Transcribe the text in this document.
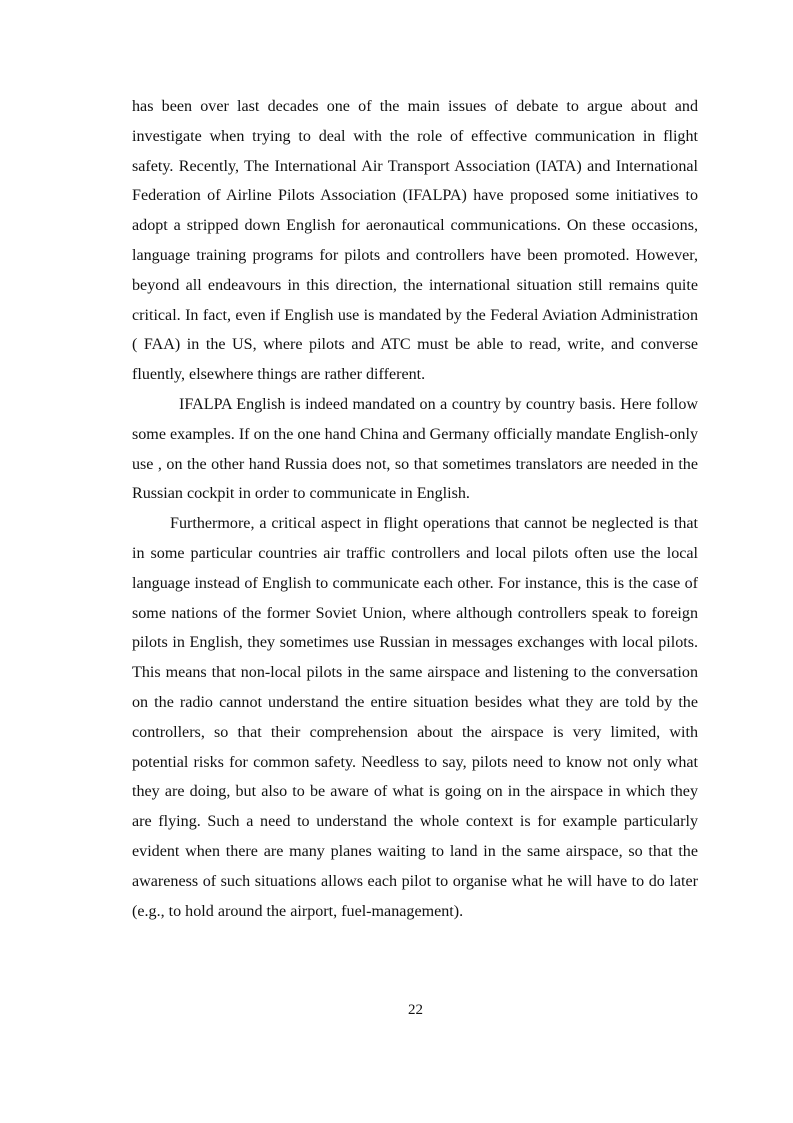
has been over last decades one of the main issues of debate to argue about and investigate when trying to deal with the role of effective communication in flight safety. Recently, The International Air Transport Association (IATA) and International Federation of Airline Pilots Association (IFALPA) have proposed some initiatives to adopt a stripped down English for aeronautical communications. On these occasions, language training programs for pilots and controllers have been promoted. However, beyond all endeavours in this direction, the international situation still remains quite critical. In fact, even if English use is mandated by the Federal Aviation Administration ( FAA) in the US, where pilots and ATC must be able to read, write, and converse fluently, elsewhere things are rather different.

IFALPA English is indeed mandated on a country by country basis. Here follow some examples. If on the one hand China and Germany officially mandate English-only use , on the other hand Russia does not, so that sometimes translators are needed in the Russian cockpit in order to communicate in English.

Furthermore, a critical aspect in flight operations that cannot be neglected is that in some particular countries air traffic controllers and local pilots often use the local language instead of English to communicate each other. For instance, this is the case of some nations of the former Soviet Union, where although controllers speak to foreign pilots in English, they sometimes use Russian in messages exchanges with local pilots. This means that non-local pilots in the same airspace and listening to the conversation on the radio cannot understand the entire situation besides what they are told by the controllers, so that their comprehension about the airspace is very limited, with potential risks for common safety. Needless to say, pilots need to know not only what they are doing, but also to be aware of what is going on in the airspace in which they are flying. Such a need to understand the whole context is for example particularly evident when there are many planes waiting to land in the same airspace, so that the awareness of such situations allows each pilot to organise what he will have to do later (e.g., to hold around the airport, fuel-management).

22
